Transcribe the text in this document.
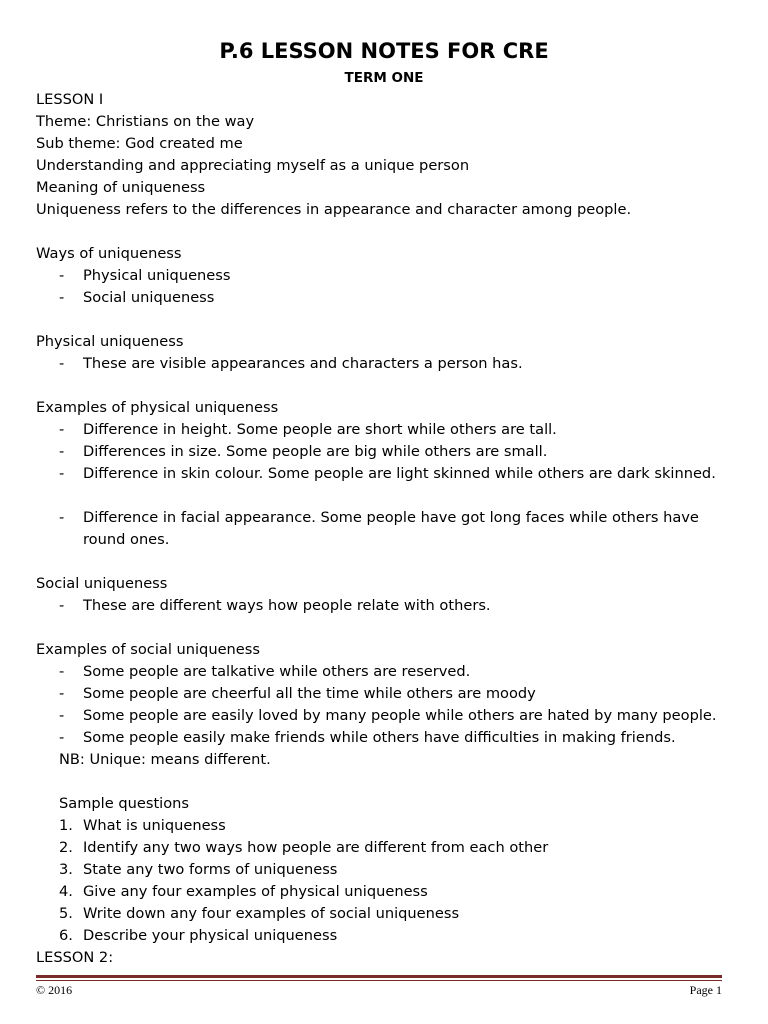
P.6 LESSON NOTES FOR CRE
TERM ONE
LESSON I
Theme: Christians on the way
Sub theme: God created me
Understanding and appreciating myself as a unique person
Meaning of uniqueness
Uniqueness refers to the differences in appearance and character among people.
Ways of uniqueness
- Physical uniqueness
- Social uniqueness
Physical uniqueness
- These are visible appearances and characters a person has.
Examples of physical uniqueness
- Difference in height. Some people are short while others are tall.
- Differences in size. Some people are big while others are small.
- Difference in skin colour. Some people are light skinned while others are dark skinned.
- Difference in facial appearance. Some people have got long faces while others have round ones.
Social uniqueness
- These are different ways how people relate with others.
Examples of social uniqueness
- Some people are talkative while others are reserved.
- Some people are cheerful all the time while others are moody
- Some people are easily loved by many people while others are hated by many people.
- Some people easily make friends while others have difficulties in making friends.
NB: Unique: means different.
Sample questions
1. What is uniqueness
2. Identify any two ways how people are different from each other
3. State any two forms of uniqueness
4. Give any four examples of physical uniqueness
5. Write down any four examples of social uniqueness
6. Describe your physical uniqueness
LESSON 2:
© 2016	Page 1
